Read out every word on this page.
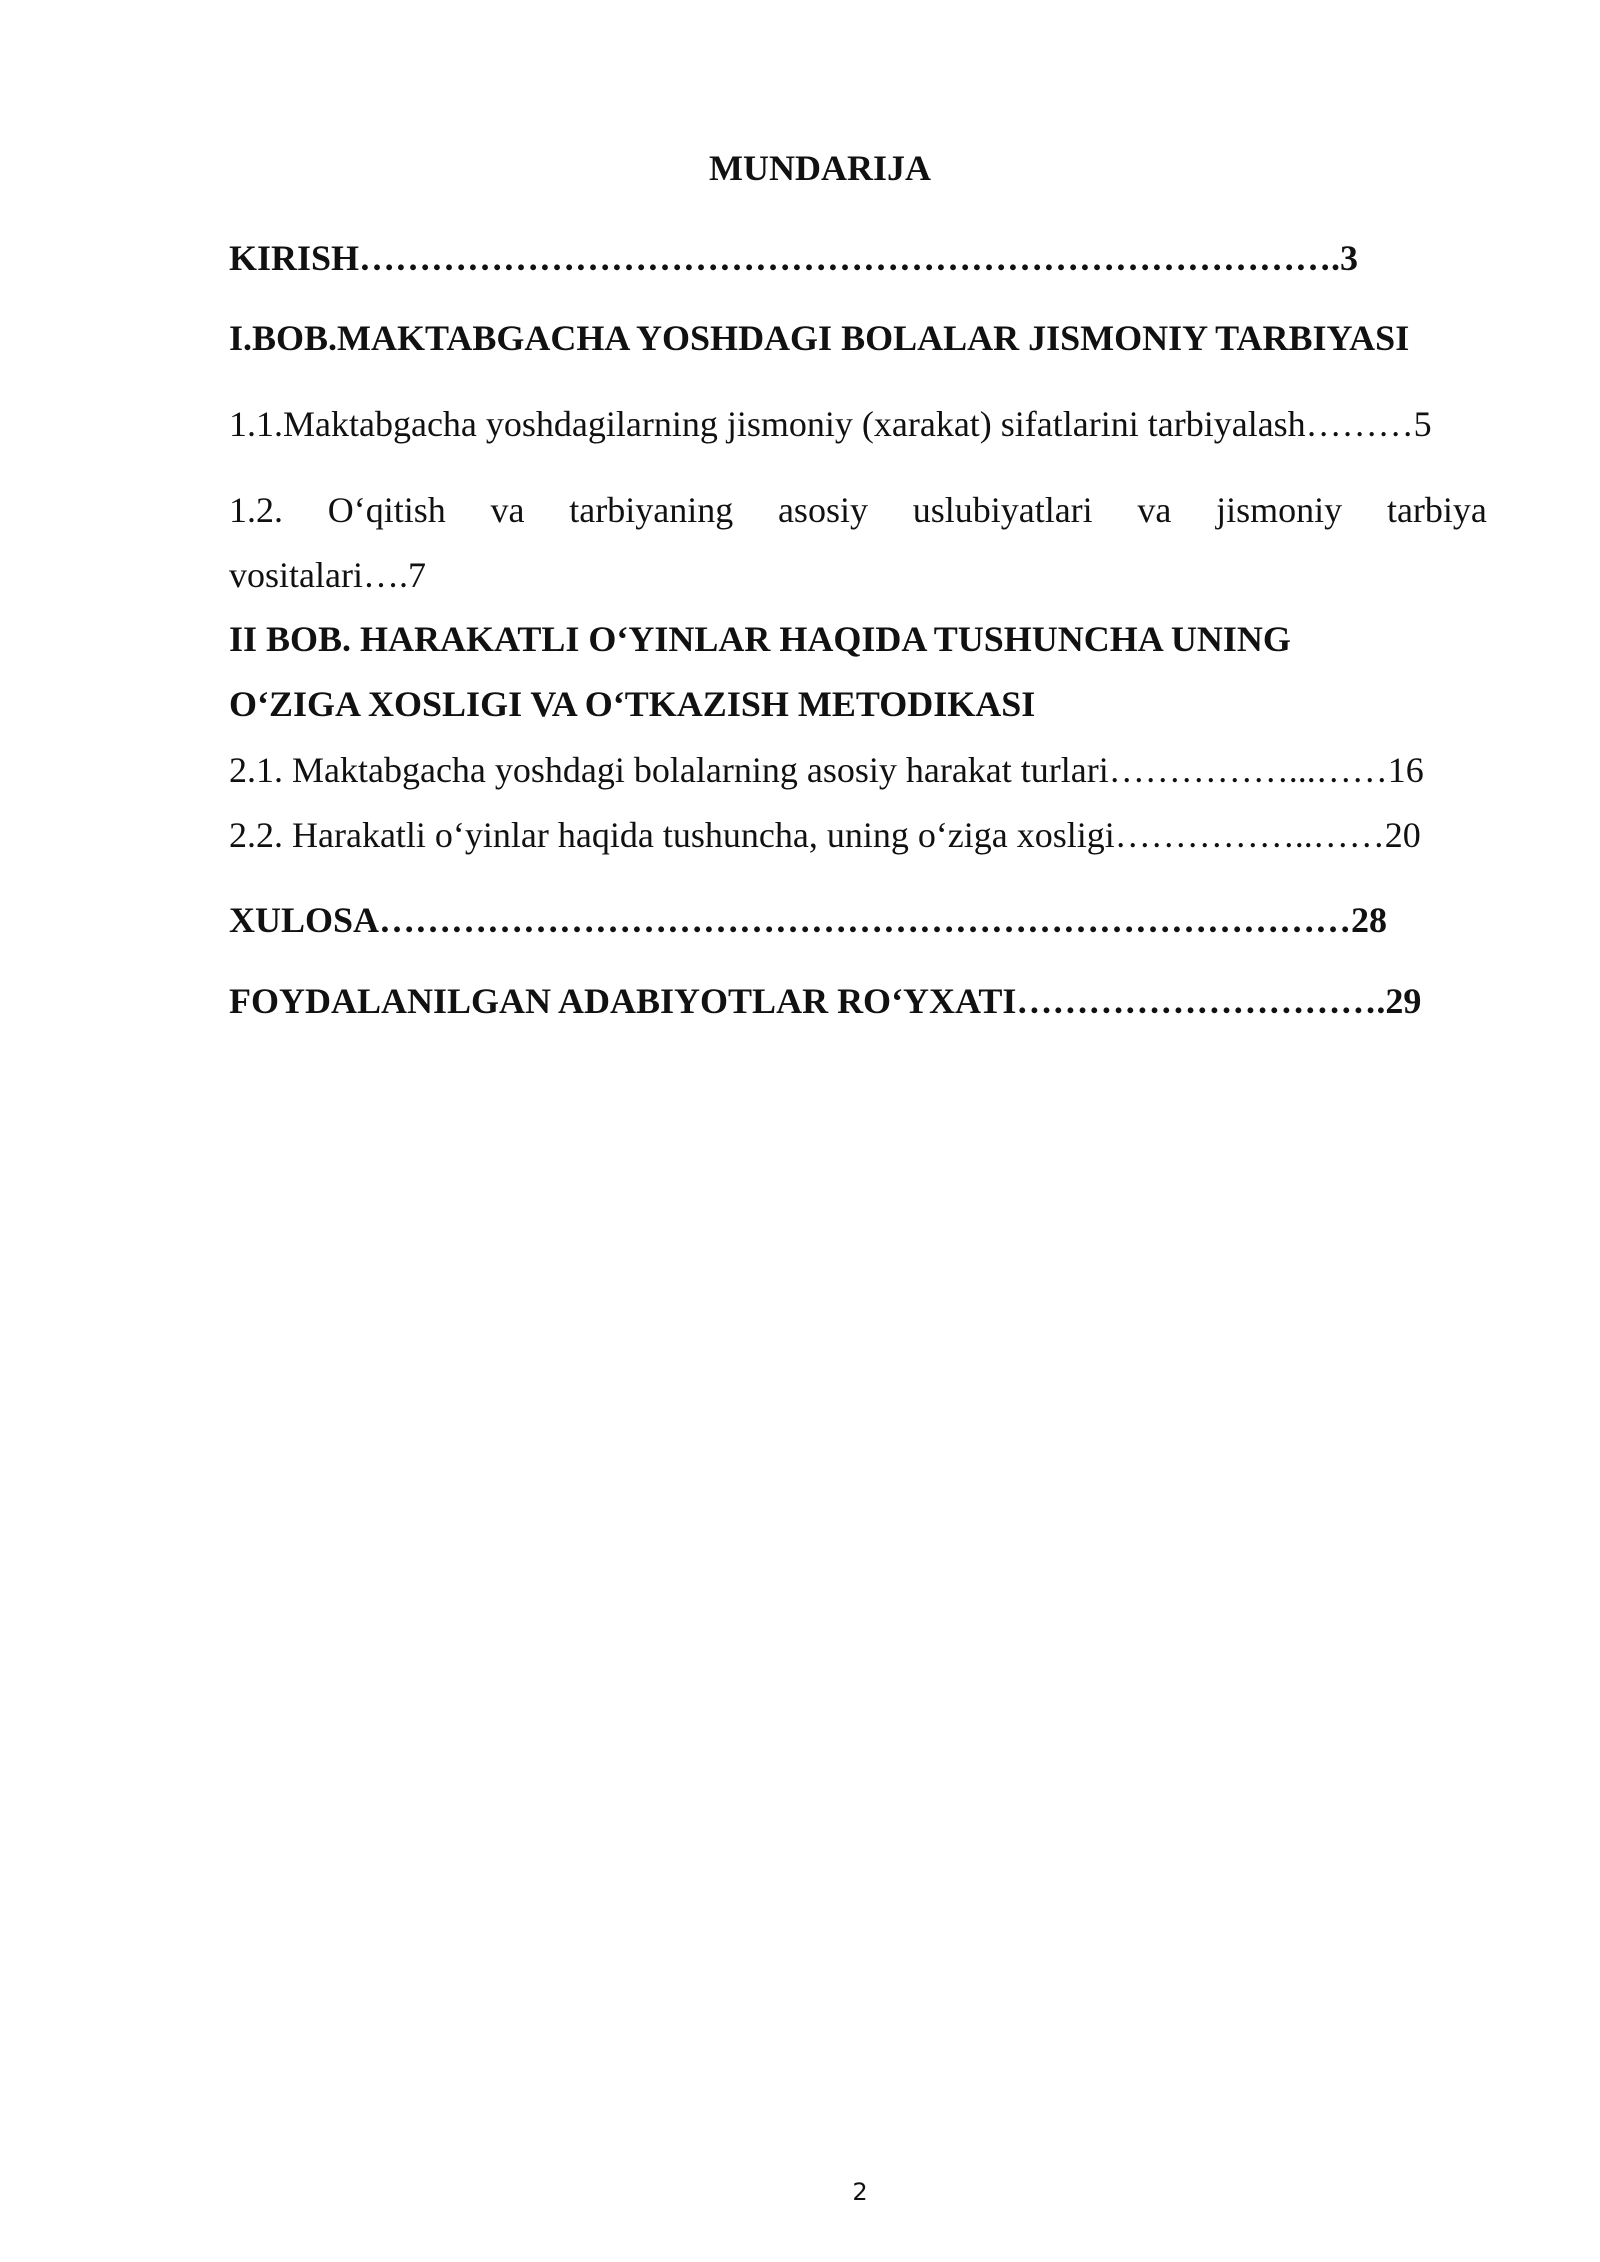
MUNDARIJA
KIRISH……………………………………………………………………….3
I.BOB.MAKTABGACHA YOSHDAGI BOLALAR JISMONIY TARBIYASI
1.1.Maktabgacha yoshdagilarning jismoniy (xarakat) sifatlarini tarbiyalash………5
1.2. O‘qitish va tarbiyaning asosiy uslubiyatlari va jismoniy tarbiya
vositalari….7
II BOB. HARAKATLI O‘YINLAR HAQIDA TUSHUNCHA UNING
O‘ZIGA XOSLIGI VA O‘TKAZISH METODIKASI
2.1. Maktabgacha yoshdagi bolalarning asosiy harakat turlari……………...……16
2.2. Harakatli o‘yinlar haqida tushuncha, uning o‘ziga xosligi……………..……20
XULOSA………………………………………………………………………28
FOYDALANILGAN ADABIYOTLAR RO‘YXATI………………………….29
2
